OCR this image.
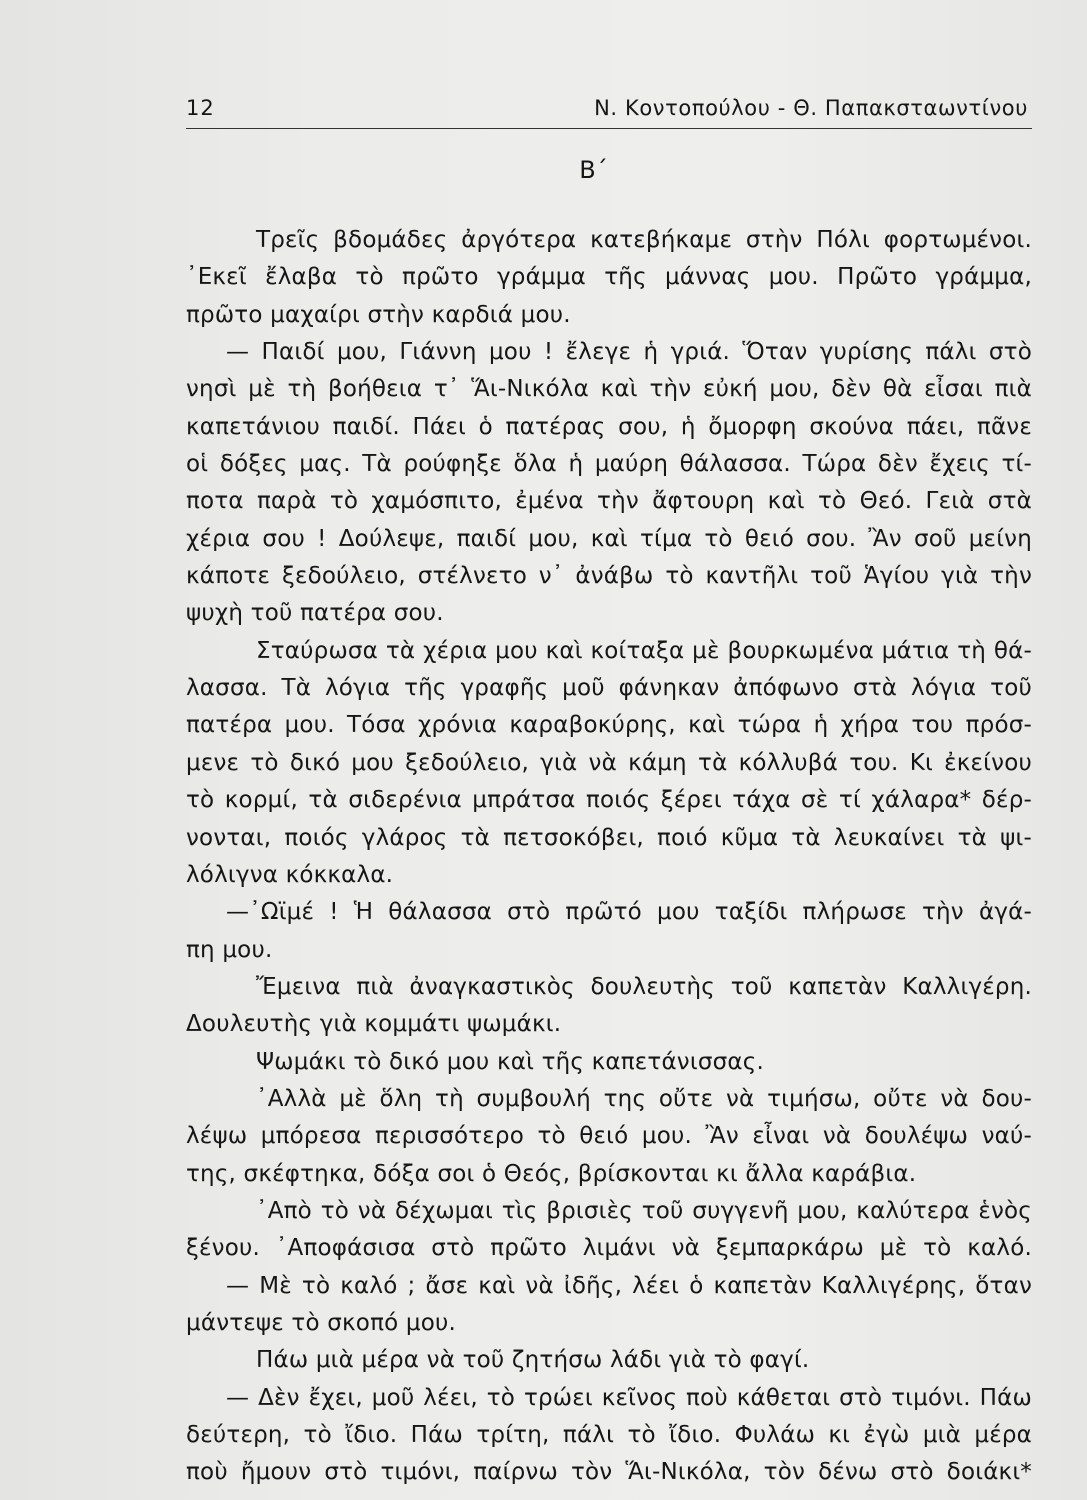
12	Ν. Κοντοπούλου - Θ. Παπακσταωντίνου
Β΄
Τρεῖς βδομάδες ἀργότερα κατεβήκαμε στὴν Πόλι φορτωμένοι.
᾿Εκεῖ ἔλαβα τὸ πρῶτο γράμμα τῆς μάννας μου. Πρῶτο γράμμα,
πρῶτο μαχαίρι στὴν καρδιά μου.
— Παιδί μου, Γιάννη μου ! ἔλεγε ἡ γριά. Ὅταν γυρίσης πάλι στὸ
νησὶ μὲ τὴ βοήθεια τ᾿ Ἅι-Νικόλα καὶ τὴν εὐκή μου, δὲν θὰ εἶσαι πιὰ
καπετάνιου παιδί. Πάει ὁ πατέρας σου, ἡ ὄμορφη σκούνα πάει, πᾶνε
οἱ δόξες μας. Τὰ ρούφηξε ὅλα ἡ μαύρη θάλασσα. Τώρα δὲν ἔχεις τί-
ποτα παρὰ τὸ χαμόσπιτο, ἐμένα τὴν ἄφτουρη καὶ τὸ Θεό. Γειὰ στὰ
χέρια σου ! Δούλεψε, παιδί μου, καὶ τίμα τὸ θειό σου. Ἂν σοῦ μείνη
κάποτε ξεδούλειο, στέλνετο ν᾿ ἀνάβω τὸ καντῆλι τοῦ Ἁγίου γιὰ τὴν
ψυχὴ τοῦ πατέρα σου.
Σταύρωσα τὰ χέρια μου καὶ κοίταξα μὲ βουρκωμένα μάτια τὴ θά-
λασσα. Τὰ λόγια τῆς γραφῆς μοῦ φάνηκαν ἀπόφωνο στὰ λόγια τοῦ
πατέρα μου. Τόσα χρόνια καραβοκύρης, καὶ τώρα ἡ χήρα του πρόσ-
μενε τὸ δικό μου ξεδούλειο, γιὰ νὰ κάμη τὰ κόλλυβά του. Κι ἐκείνου
τὸ κορμί, τὰ σιδερένια μπράτσα ποιός ξέρει τάχα σὲ τί χάλαρα* δέρ-
νονται, ποιός γλάρος τὰ πετσοκόβει, ποιό κῦμα τὰ λευκαίνει τὰ ψι-
λόλιγνα κόκκαλα.
—᾿Ωϊμέ ! Ἡ θάλασσα στὸ πρῶτό μου ταξίδι πλήρωσε τὴν ἀγά-
πη μου.
Ἔμεινα πιὰ ἀναγκαστικὸς δουλευτὴς τοῦ καπετὰν Καλλιγέρη.
Δουλευτὴς γιὰ κομμάτι ψωμάκι.
Ψωμάκι τὸ δικό μου καὶ τῆς καπετάνισσας.
᾿Αλλὰ μὲ ὅλη τὴ συμβουλή της οὔτε νὰ τιμήσω, οὔτε νὰ δου-
λέψω μπόρεσα περισσότερο τὸ θειό μου. Ἂν εἶναι νὰ δουλέψω ναύ-
της, σκέφτηκα, δόξα σοι ὁ Θεός, βρίσκονται κι ἄλλα καράβια.
᾿Απὸ τὸ νὰ δέχωμαι τὶς βρισιὲς τοῦ συγγενῆ μου, καλύτερα ἑνὸς
ξένου. ᾿Αποφάσισα στὸ πρῶτο λιμάνι νὰ ξεμπαρκάρω μὲ τὸ καλό.
— Μὲ τὸ καλό ; ἄσε καὶ νὰ ἰδῆς, λέει ὁ καπετὰν Καλλιγέρης, ὅταν
μάντεψε τὸ σκοπό μου.
Πάω μιὰ μέρα νὰ τοῦ ζητήσω λάδι γιὰ τὸ φαγί.
— Δὲν ἔχει, μοῦ λέει, τὸ τρώει κεῖνος ποὺ κάθεται στὸ τιμόνι. Πάω
δεύτερη, τὸ ἴδιο. Πάω τρίτη, πάλι τὸ ἴδιο. Φυλάω κι ἐγὼ μιὰ μέρα
ποὺ ἤμουν στὸ τιμόνι, παίρνω τὸν Ἅι-Νικόλα, τὸν δένω στὸ δοιάκι*
